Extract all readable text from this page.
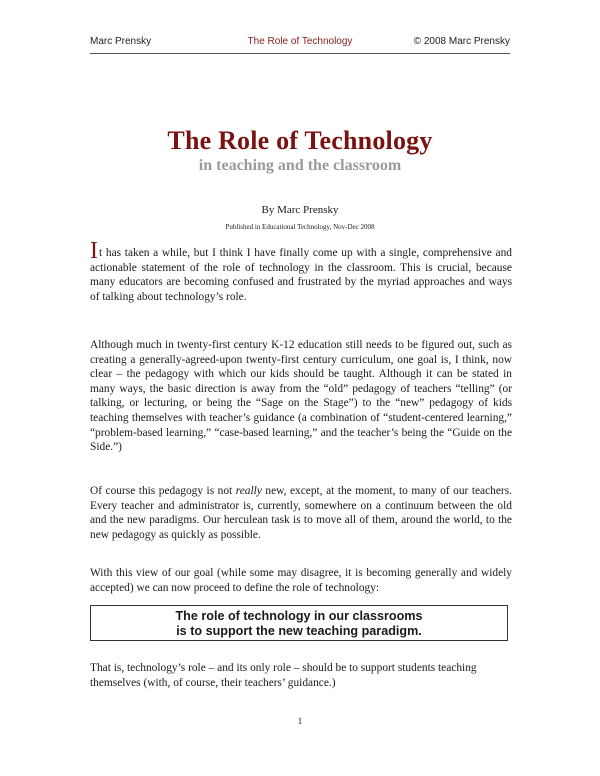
Marc Prensky	The Role of Technology	© 2008 Marc Prensky
The Role of Technology
in teaching and the classroom
By Marc Prensky
Published in Educational Technology, Nov-Dec 2008
It has taken a while, but I think I have finally come up with a single, comprehensive and actionable statement of the role of technology in the classroom. This is crucial, because many educators are becoming confused and frustrated by the myriad approaches and ways of talking about technology’s role.
Although much in twenty-first century K-12 education still needs to be figured out, such as creating a generally-agreed-upon twenty-first century curriculum, one goal is, I think, now clear – the pedagogy with which our kids should be taught. Although it can be stated in many ways, the basic direction is away from the “old” pedagogy of teachers “telling” (or talking, or lecturing, or being the “Sage on the Stage”) to the “new” pedagogy of kids teaching themselves with teacher’s guidance (a combination of “student-centered learning,” “problem-based learning,” “case-based learning,” and the teacher’s being the “Guide on the Side.”)
Of course this pedagogy is not really new, except, at the moment, to many of our teachers. Every teacher and administrator is, currently, somewhere on a continuum between the old and the new paradigms. Our herculean task is to move all of them, around the world, to the new pedagogy as quickly as possible.
With this view of our goal (while some may disagree, it is becoming generally and widely accepted) we can now proceed to define the role of technology:
The role of technology in our classrooms
is to support the new teaching paradigm.
That is, technology’s role – and its only role – should be to support students teaching themselves (with, of course, their teachers’ guidance.)
1
